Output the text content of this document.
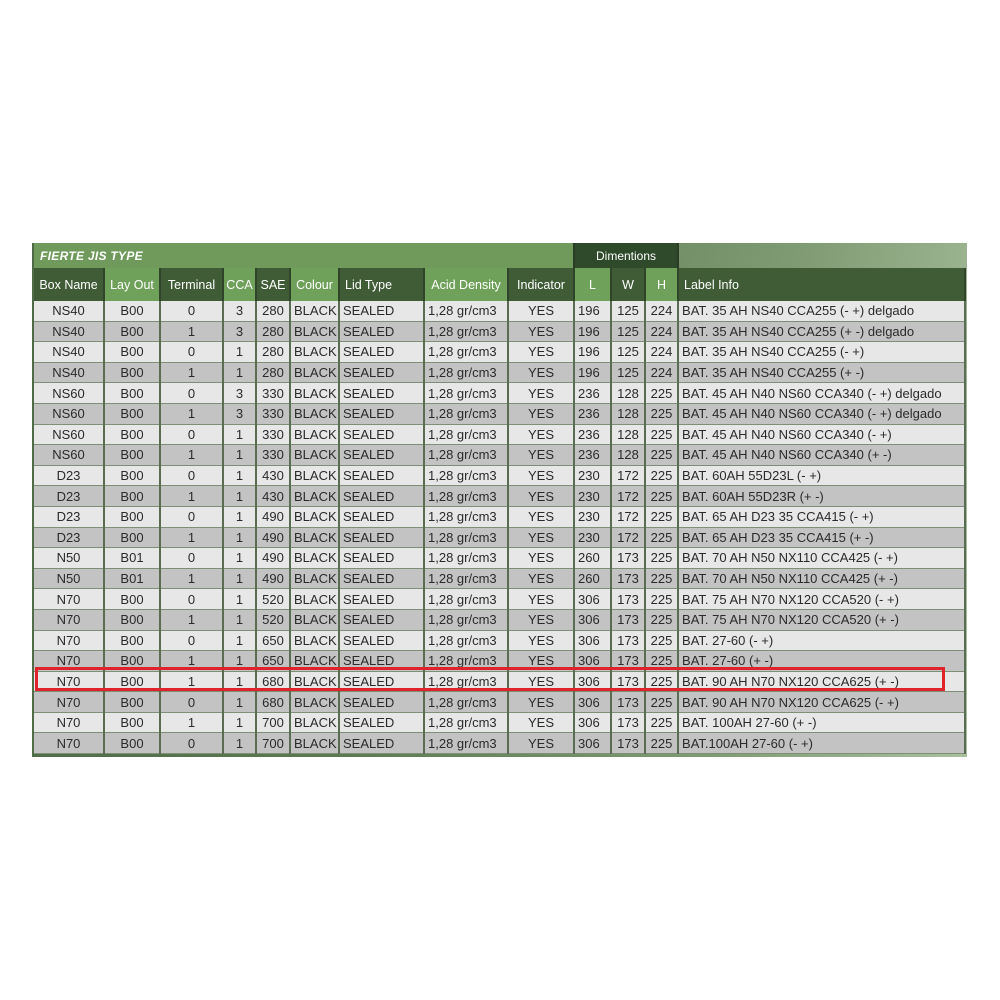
FIERTE JIS TYPE									Dimentions			
Box Name	Lay Out	Terminal	CCA	SAE	Colour	Lid Type	Acid Density	Indicator	L	W	H	Label Info
NS40	B00	0	3	280	BLACK	SEALED	1,28 gr/cm3	YES	196	125	224	BAT. 35 AH NS40 CCA255 (- +) delgado
NS40	B00	1	3	280	BLACK	SEALED	1,28 gr/cm3	YES	196	125	224	BAT. 35 AH NS40 CCA255 (+ -) delgado
NS40	B00	0	1	280	BLACK	SEALED	1,28 gr/cm3	YES	196	125	224	BAT. 35 AH NS40 CCA255 (- +)
NS40	B00	1	1	280	BLACK	SEALED	1,28 gr/cm3	YES	196	125	224	BAT. 35 AH NS40 CCA255 (+ -)
NS60	B00	0	3	330	BLACK	SEALED	1,28 gr/cm3	YES	236	128	225	BAT. 45 AH N40 NS60 CCA340 (- +) delgado
NS60	B00	1	3	330	BLACK	SEALED	1,28 gr/cm3	YES	236	128	225	BAT. 45 AH N40 NS60 CCA340 (- +) delgado
NS60	B00	0	1	330	BLACK	SEALED	1,28 gr/cm3	YES	236	128	225	BAT. 45 AH N40 NS60 CCA340 (- +)
NS60	B00	1	1	330	BLACK	SEALED	1,28 gr/cm3	YES	236	128	225	BAT. 45 AH N40 NS60 CCA340 (+ -)
D23	B00	0	1	430	BLACK	SEALED	1,28 gr/cm3	YES	230	172	225	BAT. 60AH 55D23L (- +)
D23	B00	1	1	430	BLACK	SEALED	1,28 gr/cm3	YES	230	172	225	BAT. 60AH 55D23R (+ -)
D23	B00	0	1	490	BLACK	SEALED	1,28 gr/cm3	YES	230	172	225	BAT. 65 AH D23 35 CCA415 (- +)
D23	B00	1	1	490	BLACK	SEALED	1,28 gr/cm3	YES	230	172	225	BAT. 65 AH D23 35 CCA415 (+ -)
N50	B01	0	1	490	BLACK	SEALED	1,28 gr/cm3	YES	260	173	225	BAT. 70 AH N50 NX110 CCA425 (- +)
N50	B01	1	1	490	BLACK	SEALED	1,28 gr/cm3	YES	260	173	225	BAT. 70 AH N50 NX110 CCA425 (+ -)
N70	B00	0	1	520	BLACK	SEALED	1,28 gr/cm3	YES	306	173	225	BAT. 75 AH N70 NX120 CCA520 (- +)
N70	B00	1	1	520	BLACK	SEALED	1,28 gr/cm3	YES	306	173	225	BAT. 75 AH N70 NX120 CCA520 (+ -)
N70	B00	0	1	650	BLACK	SEALED	1,28 gr/cm3	YES	306	173	225	BAT. 27-60 (- +)
N70	B00	1	1	650	BLACK	SEALED	1,28 gr/cm3	YES	306	173	225	BAT. 27-60 (+ -)
N70	B00	1	1	680	BLACK	SEALED	1,28 gr/cm3	YES	306	173	225	BAT. 90 AH N70 NX120 CCA625 (+ -)
N70	B00	0	1	680	BLACK	SEALED	1,28 gr/cm3	YES	306	173	225	BAT. 90 AH N70 NX120 CCA625 (- +)
N70	B00	1	1	700	BLACK	SEALED	1,28 gr/cm3	YES	306	173	225	BAT. 100AH 27-60 (+ -)
N70	B00	0	1	700	BLACK	SEALED	1,28 gr/cm3	YES	306	173	225	BAT.100AH 27-60 (- +)
